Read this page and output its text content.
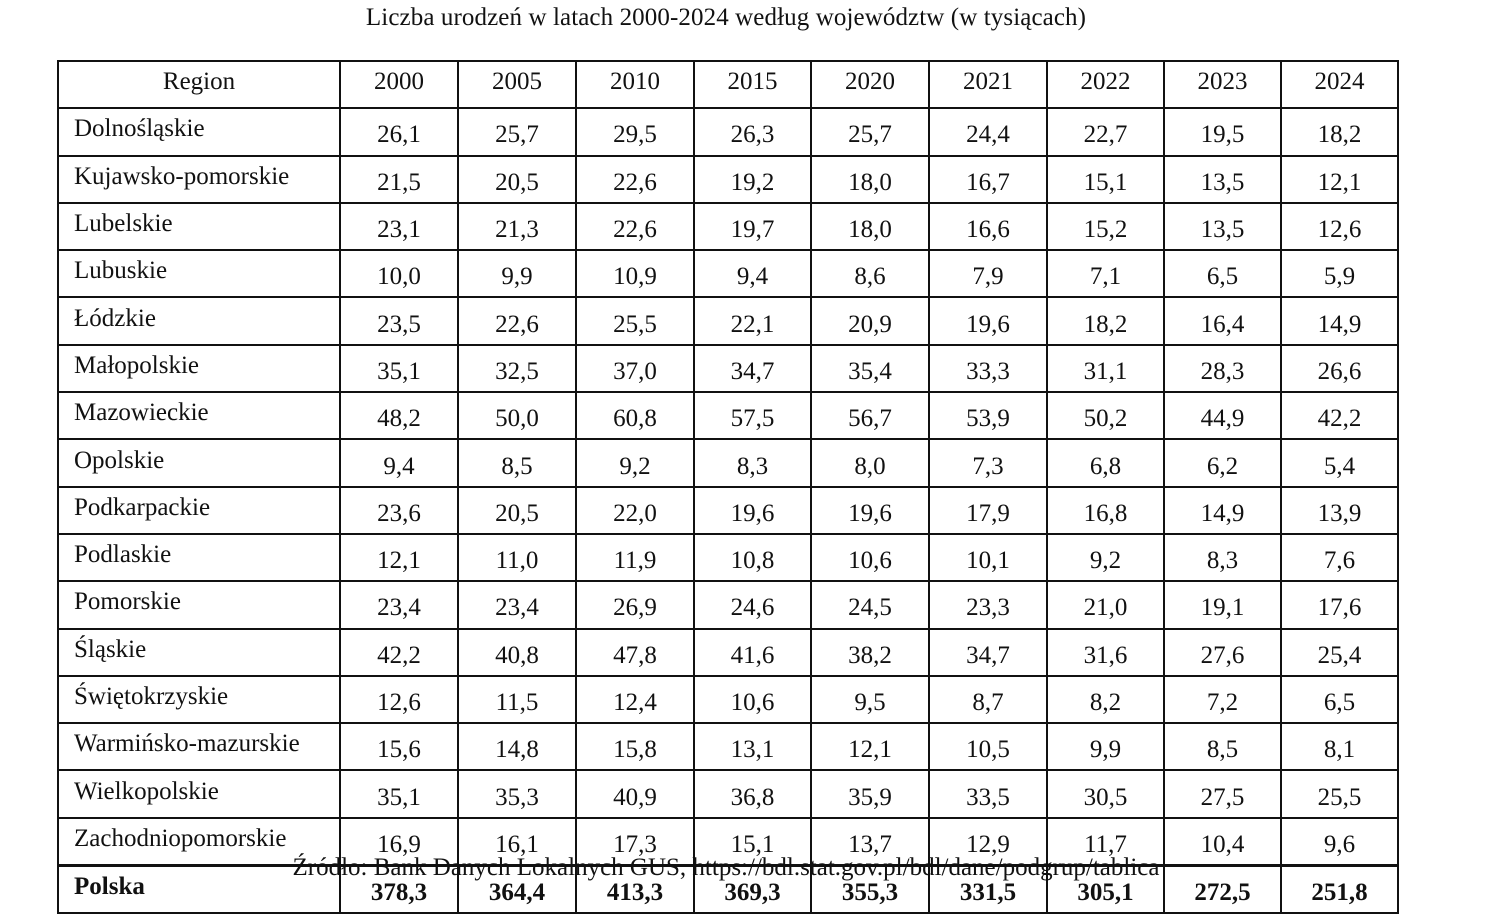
Liczba urodzeń w latach 2000-2024 według województw (w tysiącach)
Region	2000	2005	2010	2015	2020	2021	2022	2023	2024
Dolnośląskie	26,1	25,7	29,5	26,3	25,7	24,4	22,7	19,5	18,2
Kujawsko-pomorskie	21,5	20,5	22,6	19,2	18,0	16,7	15,1	13,5	12,1
Lubelskie	23,1	21,3	22,6	19,7	18,0	16,6	15,2	13,5	12,6
Lubuskie	10,0	9,9	10,9	9,4	8,6	7,9	7,1	6,5	5,9
Łódzkie	23,5	22,6	25,5	22,1	20,9	19,6	18,2	16,4	14,9
Małopolskie	35,1	32,5	37,0	34,7	35,4	33,3	31,1	28,3	26,6
Mazowieckie	48,2	50,0	60,8	57,5	56,7	53,9	50,2	44,9	42,2
Opolskie	9,4	8,5	9,2	8,3	8,0	7,3	6,8	6,2	5,4
Podkarpackie	23,6	20,5	22,0	19,6	19,6	17,9	16,8	14,9	13,9
Podlaskie	12,1	11,0	11,9	10,8	10,6	10,1	9,2	8,3	7,6
Pomorskie	23,4	23,4	26,9	24,6	24,5	23,3	21,0	19,1	17,6
Śląskie	42,2	40,8	47,8	41,6	38,2	34,7	31,6	27,6	25,4
Świętokrzyskie	12,6	11,5	12,4	10,6	9,5	8,7	8,2	7,2	6,5
Warmińsko-mazurskie	15,6	14,8	15,8	13,1	12,1	10,5	9,9	8,5	8,1
Wielkopolskie	35,1	35,3	40,9	36,8	35,9	33,5	30,5	27,5	25,5
Zachodniopomorskie	16,9	16,1	17,3	15,1	13,7	12,9	11,7	10,4	9,6
Polska	378,3	364,4	413,3	369,3	355,3	331,5	305,1	272,5	251,8
Źródło: Bank Danych Lokalnych GUS, https://bdl.stat.gov.pl/bdl/dane/podgrup/tablica
